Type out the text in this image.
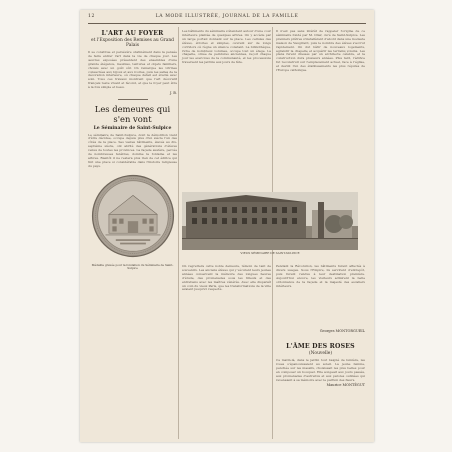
12	LA MODE ILLUSTRÉE, JOURNAL DE LA FAMILLE
L'ART AU FOYER
et l'Exposition des Remises au Grand Palais
Il se constitue et persévère obstinément dans la pensée de faire entrer l'art dans la vie de chaque jour. Les œuvres exposées présentent des ensembles d'une grande élégance, meubles, tentures et objets familiers, choisis avec un goût sûr. On remarque les vitrines consacrées aux bijoux et aux ivoires, puis les salles de la décoration intérieure, où chaque détail est étudié avec soin. Tous ces travaux montrent que l'art décoratif français reste vivant et fécond, et que le foyer peut être à la fois simple et beau.
J. B.
Les demeures qui s'en vont
Le Séminaire de Saint-Sulpice
Le séminaire de Saint-Sulpice, dont la démolition vient d'être décidée, occupe depuis plus d'un siècle l'un des côtés de la place. Ses vastes bâtiments, élevés au dix-septième siècle, ont abrité des générations d'élèves venus de toutes les provinces. La façade austère, percée de nombreuses fenêtres, domine la fontaine et les arbres. Bientôt il ne restera plus rien de cet édifice qui tint une place si considérable dans l'histoire religieuse du pays.
Médaille gravée pour la fondation du Séminaire de Saint-Sulpice
Les bâtiments du séminaire s'étendent autour d'une cour intérieure plantée de quelques arbres. On y accède par un large portail donnant sur la place. Les cellules des élèves, étroites et simples, ouvrent sur de longs corridors où règne un silence constant. La bibliothèque, riche de nombreux volumes, occupe tout un étage. La chapelle, ornée de peintures anciennes, reçoit chaque jour les exercices de la communauté, et les processions traversent les jardins aux jours de fête.
Il n'est pas sans intérêt de rappeler l'origine de ce séminaire fondé par M. Olier, curé de Saint-Sulpice. Les premiers prêtres s'installèrent d'abord dans une modeste maison de Vaugirard, puis le nombre des élèves s'accrut rapidement. On dut bâtir de nouveaux logements, agrandir la chapelle et acquérir les terrains voisins. Les plans furent dressés par un architecte célèbre, et la construction dura plusieurs années. Plus tard, l'édifice fut reconstruit sur l'emplacement actuel, face à l'église, et devint l'un des établissements les plus réputés de l'Europe catholique.
VIEUX SÉMINAIRE DE SAINT-SULPICE
On regrettera cette noble demeure, témoin de tant de souvenirs. Les anciens élèves qui y vécurent leurs jeunes années conservent la mémoire des longues heures d'étude, des promenades sous les tilleuls et des entretiens avec les maîtres vénérés. Avec elle disparaît un coin du vieux Paris, que les transformations de la ville avaient jusqu'ici respecté.
Pendant la Révolution, les bâtiments furent affectés à divers usages. Sous l'Empire, ils servirent d'entrepôt, puis furent rendus à leur destination première. Aujourd'hui encore, les visiteurs admirent la belle ordonnance de la façade et la majesté des escaliers intérieurs.
Georges MONTORGUEIL
L'ÂME DES ROSES
(Nouvelle)
Ce matin-là, dans le jardin tout baigné de lumière, les roses s'épanouissaient au soleil. La jeune femme, penchée sur les massifs, choisissait les plus belles pour en composer un bouquet. Elle songeait aux jours passés, aux promenades d'autrefois et aux paroles oubliées qui revenaient à sa mémoire avec le parfum des fleurs.
Maurice MONTÉGUT
